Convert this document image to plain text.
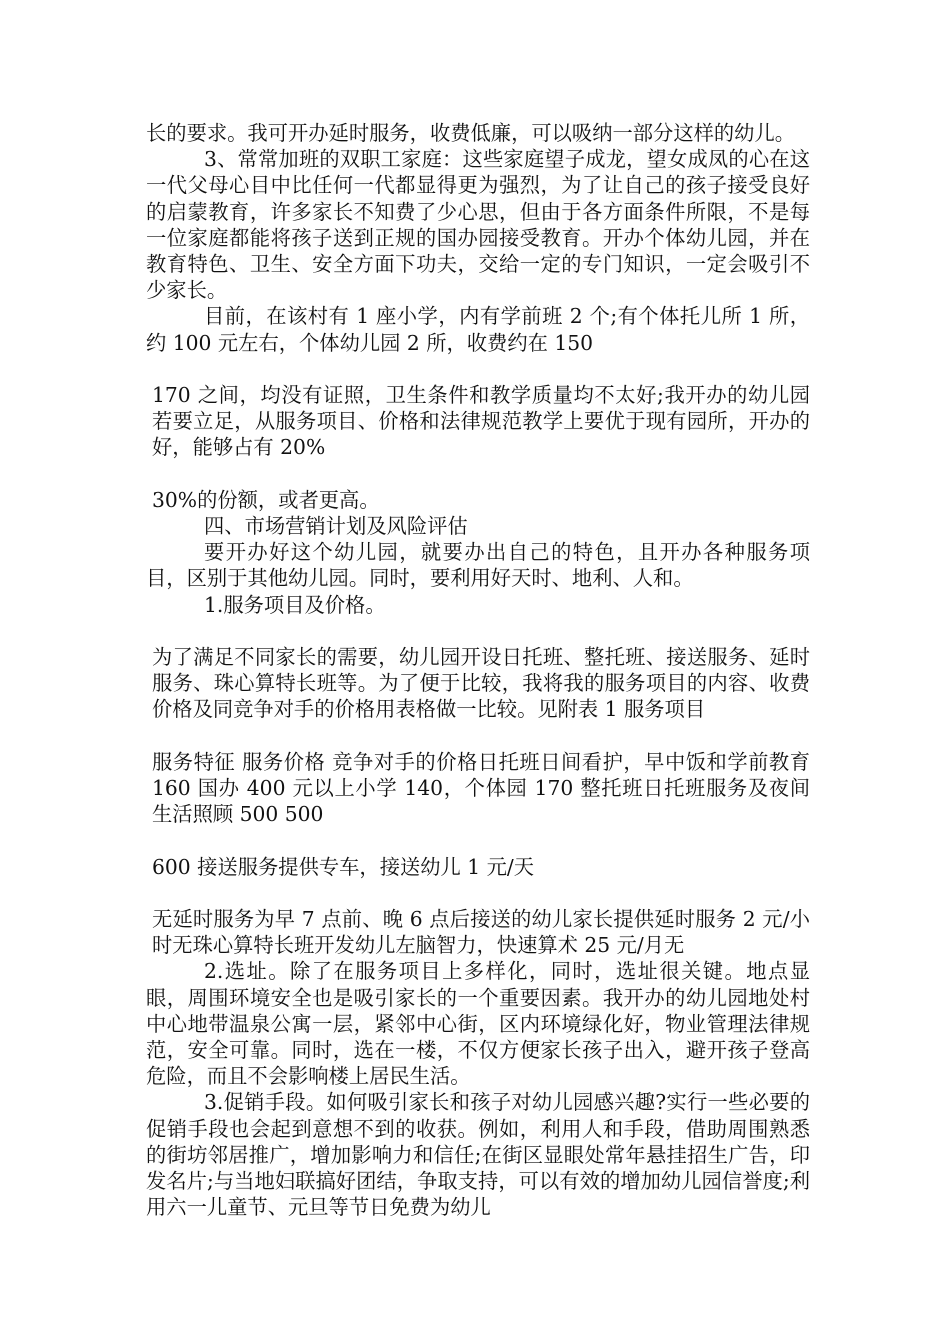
长的要求。我可开办延时服务，收费低廉，可以吸纳一部分这样的幼儿。

3、常常加班的双职工家庭：这些家庭望子成龙，望女成凤的心在这一代父母心目中比任何一代都显得更为强烈，为了让自己的孩子接受良好的启蒙教育，许多家长不知费了少心思，但由于各方面条件所限，不是每一位家庭都能将孩子送到正规的国办园接受教育。开办个体幼儿园，并在教育特色、卫生、安全方面下功夫，交给一定的专门知识，一定会吸引不少家长。

目前，在该村有 1 座小学，内有学前班 2 个;有个体托儿所 1 所，约 100 元左右，个体幼儿园 2 所，收费约在 150

170 之间，均没有证照，卫生条件和教学质量均不太好;我开办的幼儿园若要立足，从服务项目、价格和法律规范教学上要优于现有园所，开办的好，能够占有 20%

30%的份额，或者更高。

四、市场营销计划及风险评估

要开办好这个幼儿园，就要办出自己的特色，且开办各种服务项目，区别于其他幼儿园。同时，要利用好天时、地利、人和。

1.服务项目及价格。

为了满足不同家长的需要，幼儿园开设日托班、整托班、接送服务、延时服务、珠心算特长班等。为了便于比较，我将我的服务项目的内容、收费价格及同竞争对手的价格用表格做一比较。见附表 1 服务项目

服务特征 服务价格 竞争对手的价格日托班日间看护，早中饭和学前教育 160 国办 400 元以上小学 140，个体园 170 整托班日托班服务及夜间生活照顾 500 500

600 接送服务提供专车，接送幼儿 1 元/天

无延时服务为早 7 点前、晚 6 点后接送的幼儿家长提供延时服务 2 元/小时无珠心算特长班开发幼儿左脑智力，快速算术 25 元/月无

2.选址。除了在服务项目上多样化，同时，选址很关键。地点显眼，周围环境安全也是吸引家长的一个重要因素。我开办的幼儿园地处村中心地带温泉公寓一层，紧邻中心街，区内环境绿化好，物业管理法律规范，安全可靠。同时，选在一楼，不仅方便家长孩子出入，避开孩子登高危险，而且不会影响楼上居民生活。

3.促销手段。如何吸引家长和孩子对幼儿园感兴趣?实行一些必要的促销手段也会起到意想不到的收获。例如，利用人和手段，借助周围熟悉的街坊邻居推广，增加影响力和信任;在街区显眼处常年悬挂招生广告，印发名片;与当地妇联搞好团结，争取支持，可以有效的增加幼儿园信誉度;利用六一儿童节、元旦等节日免费为幼儿
